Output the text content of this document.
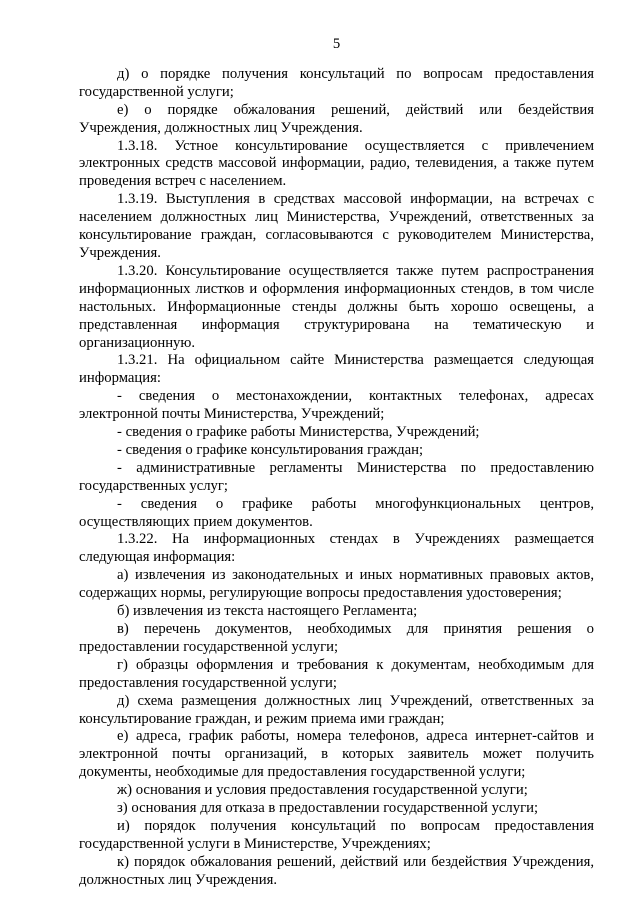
5

д) о порядке получения консультаций по вопросам предоставления государственной услуги;

е) о порядке обжалования решений, действий или бездействия Учреждения, должностных лиц Учреждения.

1.3.18. Устное консультирование осуществляется с привлечением электронных средств массовой информации, радио, телевидения, а также путем проведения встреч с населением.

1.3.19. Выступления в средствах массовой информации, на встречах с населением должностных лиц Министерства, Учреждений, ответственных за консультирование граждан, согласовываются с руководителем Министерства, Учреждения.

1.3.20. Консультирование осуществляется также путем распространения информационных листков и оформления информационных стендов, в том числе настольных. Информационные стенды должны быть хорошо освещены, а представленная информация структурирована на тематическую и организационную.

1.3.21. На официальном сайте Министерства размещается следующая информация:

- сведения о местонахождении, контактных телефонах, адресах электронной почты Министерства, Учреждений;

- сведения о графике работы Министерства, Учреждений;

- сведения о графике консультирования граждан;

- административные регламенты Министерства по предоставлению государственных услуг;

- сведения о графике работы многофункциональных центров, осуществляющих прием документов.

1.3.22. На информационных стендах в Учреждениях размещается следующая информация:

а) извлечения из законодательных и иных нормативных правовых актов, содержащих нормы, регулирующие вопросы предоставления удостоверения;

б) извлечения из текста настоящего Регламента;

в) перечень документов, необходимых для принятия решения о предоставлении государственной услуги;

г) образцы оформления и требования к документам, необходимым для предоставления государственной услуги;

д) схема размещения должностных лиц Учреждений, ответственных за консультирование граждан, и режим приема ими граждан;

е) адреса, график работы, номера телефонов, адреса интернет-сайтов и электронной почты организаций, в которых заявитель может получить документы, необходимые для предоставления государственной услуги;

ж) основания и условия предоставления государственной услуги;

з) основания для отказа в предоставлении государственной услуги;

и) порядок получения консультаций по вопросам предоставления государственной услуги в Министерстве, Учреждениях;

к) порядок обжалования решений, действий или бездействия Учреждения, должностных лиц Учреждения.
